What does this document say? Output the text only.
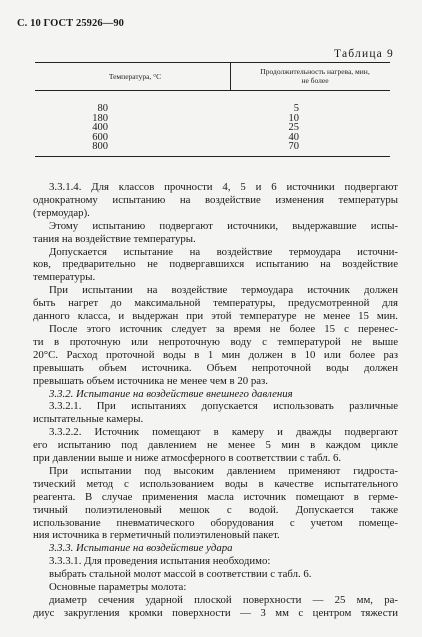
С. 10 ГОСТ 25926—90
Таблица 9
Температура, °С
Продолжительность нагрева, мин,
не более
80
180
400
600
800
5
10
25
40
70
3.3.1.4. Для классов прочности 4, 5 и 6 источники подвергают
однократному испытанию на воздействие изменения температуры
(термоудар).
Этому испытанию подвергают источники, выдержавшие испы-
тания на воздействие температуры.
Допускается испытание на воздействие термоудара источни-
ков, предварительно не подвергавшихся испытанию на воздействие
температуры.
При испытании на воздействие термоудара источник должен
быть нагрет до максимальной температуры, предусмотренной для
данного класса, и выдержан при этой температуре не менее 15 мин.
После этого источник следует за время не более 15 с перенес-
ти в проточную или непроточную воду с температурой не выше
20°С. Расход проточной воды в 1 мин должен в 10 или более раз
превышать объем источника. Объем непроточной воды должен
превышать объем источника не менее чем в 20 раз.
3.3.2. Испытание на воздействие внешнего давления
3.3.2.1. При испытаниях допускается использовать различные
испытательные камеры.
3.3.2.2. Источник помещают в камеру и дважды подвергают
его испытанию под давлением не менее 5 мин в каждом цикле
при давлении выше и ниже атмосферного в соответствии с табл. 6.
При испытании под высоким давлением применяют гидроста-
тический метод с использованием воды в качестве испытательного
реагента. В случае применения масла источник помещают в герме-
тичный полиэтиленовый мешок с водой. Допускается также
использование пневматического оборудования с учетом помеще-
ния источника в герметичный полиэтиленовый пакет.
3.3.3. Испытание на воздействие удара
3.3.3.1. Для проведения испытания необходимо:
выбрать стальной молот массой в соответствии с табл. 6.
Основные параметры молота:
диаметр сечения ударной плоской поверхности — 25 мм, ра-
диус закругления кромки поверхности — 3 мм с центром тяжести
